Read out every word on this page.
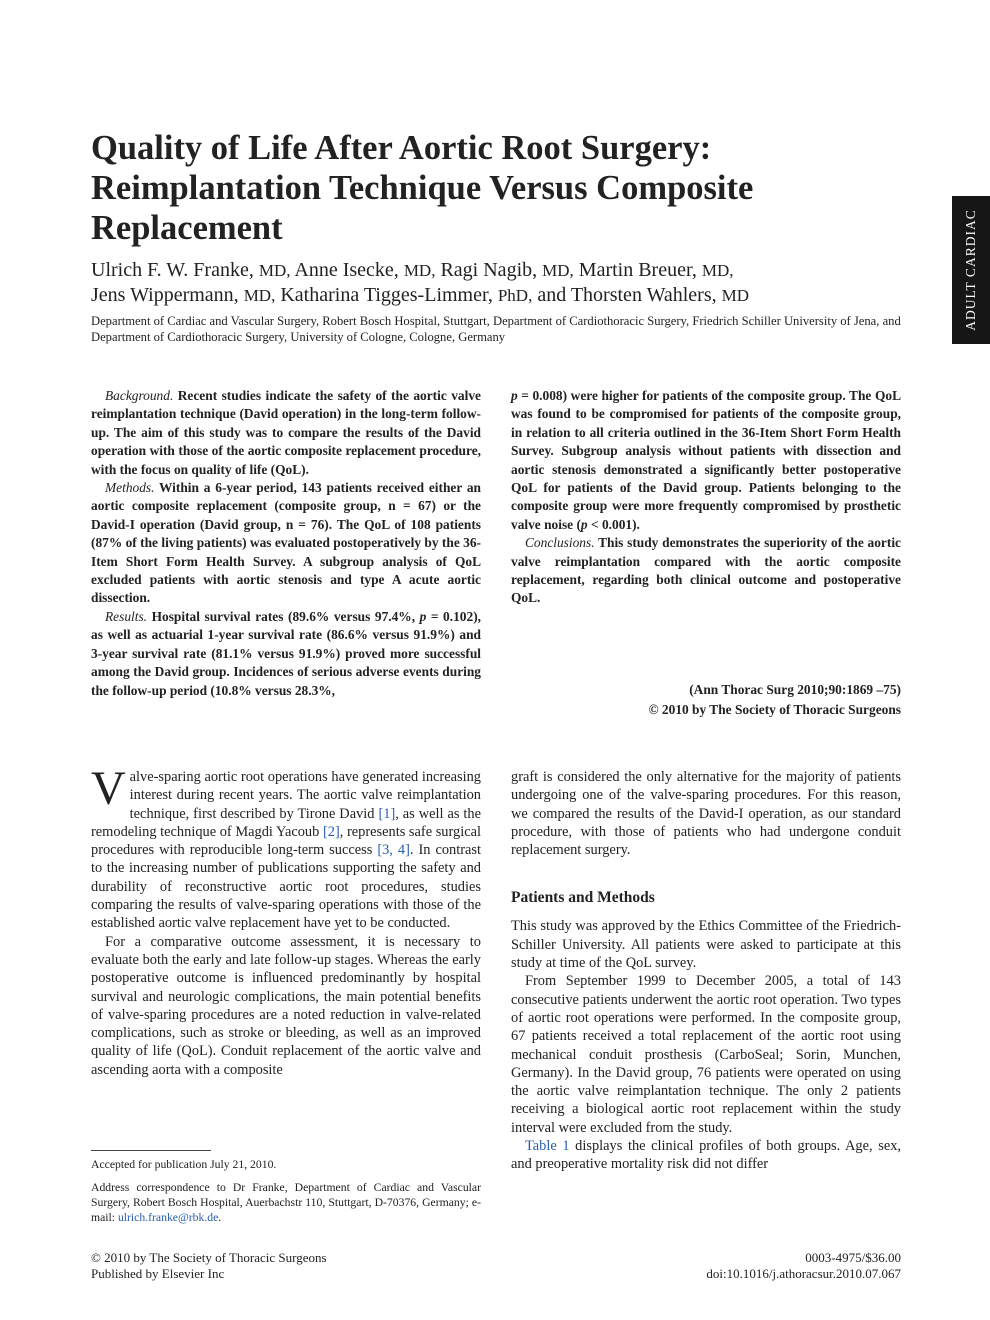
ADULT CARDIAC
Quality of Life After Aortic Root Surgery: Reimplantation Technique Versus Composite Replacement
Ulrich F. W. Franke, MD, Anne Isecke, MD, Ragi Nagib, MD, Martin Breuer, MD,
Jens Wippermann, MD, Katharina Tigges-Limmer, PhD, and Thorsten Wahlers, MD

Department of Cardiac and Vascular Surgery, Robert Bosch Hospital, Stuttgart, Department of Cardiothoracic Surgery, Friedrich Schiller University of Jena, and Department of Cardiothoracic Surgery, University of Cologne, Cologne, Germany

Background. Recent studies indicate the safety of the aortic valve reimplantation technique (David operation) in the long-term follow-up. The aim of this study was to compare the results of the David operation with those of the aortic composite replacement procedure, with the focus on quality of life (QoL).

Methods. Within a 6-year period, 143 patients received either an aortic composite replacement (composite group, n = 67) or the David-I operation (David group, n = 76). The QoL of 108 patients (87% of the living patients) was evaluated postoperatively by the 36-Item Short Form Health Survey. A subgroup analysis of QoL excluded patients with aortic stenosis and type A acute aortic dissection.

Results. Hospital survival rates (89.6% versus 97.4%, p = 0.102), as well as actuarial 1-year survival rate (86.6% versus 91.9%) and 3-year survival rate (81.1% versus 91.9%) proved more successful among the David group. Incidences of serious adverse events during the follow-up period (10.8% versus 28.3%,

p = 0.008) were higher for patients of the composite group. The QoL was found to be compromised for patients of the composite group, in relation to all criteria outlined in the 36-Item Short Form Health Survey. Subgroup analysis without patients with dissection and aortic stenosis demonstrated a significantly better postoperative QoL for patients of the David group. Patients belonging to the composite group were more frequently compromised by prosthetic valve noise (p < 0.001).

Conclusions. This study demonstrates the superiority of the aortic valve reimplantation compared with the aortic composite replacement, regarding both clinical outcome and postoperative QoL.

(Ann Thorac Surg 2010;90:1869 –75)
© 2010 by The Society of Thoracic Surgeons

Valve-sparing aortic root operations have generated increasing interest during recent years. The aortic valve reimplantation technique, first described by Tirone David [1], as well as the remodeling technique of Magdi Yacoub [2], represents safe surgical procedures with reproducible long-term success [3, 4]. In contrast to the increasing number of publications supporting the safety and durability of reconstructive aortic root procedures, studies comparing the results of valve-sparing operations with those of the established aortic valve replacement have yet to be conducted.

For a comparative outcome assessment, it is necessary to evaluate both the early and late follow-up stages. Whereas the early postoperative outcome is influenced predominantly by hospital survival and neurologic complications, the main potential benefits of valve-sparing procedures are a noted reduction in valve-related complications, such as stroke or bleeding, as well as an improved quality of life (QoL). Conduit replacement of the aortic valve and ascending aorta with a composite

Accepted for publication July 21, 2010.

Address correspondence to Dr Franke, Department of Cardiac and Vascular Surgery, Robert Bosch Hospital, Auerbachstr 110, Stuttgart, D-70376, Germany; e-mail: ulrich.franke@rbk.de.

graft is considered the only alternative for the majority of patients undergoing one of the valve-sparing procedures. For this reason, we compared the results of the David-I operation, as our standard procedure, with those of patients who had undergone conduit replacement surgery.

Patients and Methods

This study was approved by the Ethics Committee of the Friedrich-Schiller University. All patients were asked to participate at this study at time of the QoL survey.

From September 1999 to December 2005, a total of 143 consecutive patients underwent the aortic root operation. Two types of aortic root operations were performed. In the composite group, 67 patients received a total replacement of the aortic root using mechanical conduit prosthesis (CarboSeal; Sorin, Munchen, Germany). In the David group, 76 patients were operated on using the aortic valve reimplantation technique. The only 2 patients receiving a biological aortic root replacement within the study interval were excluded from the study.

Table 1 displays the clinical profiles of both groups. Age, sex, and preoperative mortality risk did not differ

© 2010 by The Society of Thoracic Surgeons
Published by Elsevier Inc
0003-4975/$36.00
doi:10.1016/j.athoracsur.2010.07.067
